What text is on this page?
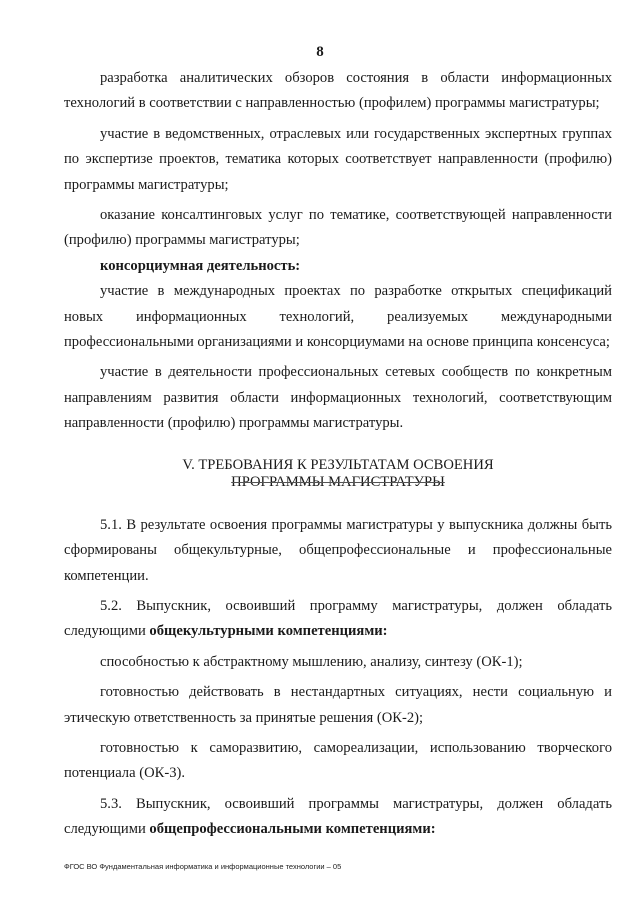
8

разработка аналитических обзоров состояния в области информационных технологий в соответствии с направленностью (профилем) программы магистратуры;

участие в ведомственных, отраслевых или государственных экспертных группах по экспертизе проектов, тематика которых соответствует направленности (профилю) программы магистратуры;

оказание консалтинговых услуг по тематике, соответствующей направленности (профилю) программы магистратуры;

консорциумная деятельность:

участие в международных проектах по разработке открытых спецификаций новых информационных технологий, реализуемых международными профессиональными организациями и консорциумами на основе принципа консенсуса;

участие в деятельности профессиональных сетевых сообществ по конкретным направлениям развития области информационных технологий, соответствующим направленности (профилю) программы магистратуры.

V. ТРЕБОВАНИЯ К РЕЗУЛЬТАТАМ ОСВОЕНИЯ
ПРОГРАММЫ МАГИСТРАТУРЫ

5.1. В результате освоения программы магистратуры у выпускника должны быть сформированы общекультурные, общепрофессиональные и профессиональные компетенции.

5.2. Выпускник, освоивший программу магистратуры, должен обладать следующими общекультурными компетенциями:

способностью к абстрактному мышлению, анализу, синтезу (ОК-1);

готовностью действовать в нестандартных ситуациях, нести социальную и этическую ответственность за принятые решения (ОК-2);

готовностью к саморазвитию, самореализации, использованию творческого потенциала (ОК-3).

5.3. Выпускник, освоивший программы магистратуры, должен обладать следующими общепрофессиональными компетенциями:

ФГОС ВО Фундаментальная информатика и информационные технологии – 05
